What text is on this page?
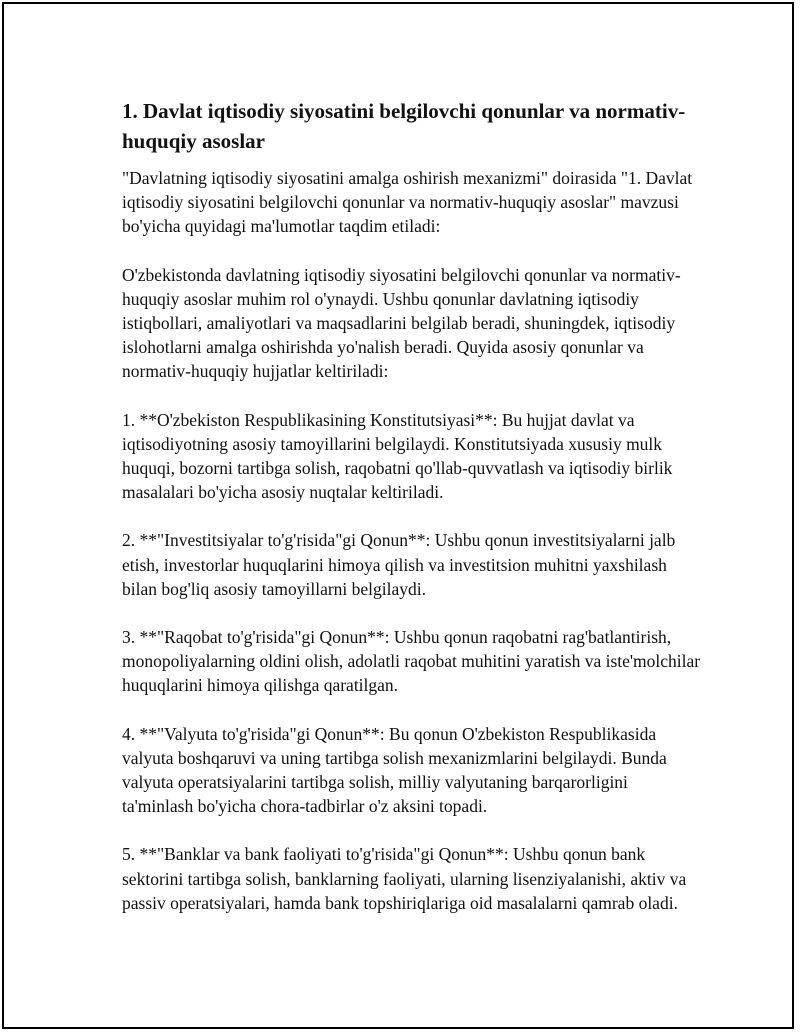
1. Davlat iqtisodiy siyosatini belgilovchi qonunlar va normativ-huquqiy asoslar

"Davlatning iqtisodiy siyosatini amalga oshirish mexanizmi" doirasida "1. Davlat iqtisodiy siyosatini belgilovchi qonunlar va normativ-huquqiy asoslar" mavzusi bo'yicha quyidagi ma'lumotlar taqdim etiladi:

O'zbekistonda davlatning iqtisodiy siyosatini belgilovchi qonunlar va normativ-huquqiy asoslar muhim rol o'ynaydi. Ushbu qonunlar davlatning iqtisodiy istiqbollari, amaliyotlari va maqsadlarini belgilab beradi, shuningdek, iqtisodiy islohotlarni amalga oshirishda yo'nalish beradi. Quyida asosiy qonunlar va normativ-huquqiy hujjatlar keltiriladi:

1. **O'zbekiston Respublikasining Konstitutsiyasi**: Bu hujjat davlat va iqtisodiyotning asosiy tamoyillarini belgilaydi. Konstitutsiyada xususiy mulk huquqi, bozorni tartibga solish, raqobatni qo'llab-quvvatlash va iqtisodiy birlik masalalari bo'yicha asosiy nuqtalar keltiriladi.

2. **"Investitsiyalar to'g'risida"gi Qonun**: Ushbu qonun investitsiyalarni jalb etish, investorlar huquqlarini himoya qilish va investitsion muhitni yaxshilash bilan bog'liq asosiy tamoyillarni belgilaydi.

3. **"Raqobat to'g'risida"gi Qonun**: Ushbu qonun raqobatni rag'batlantirish, monopoliyalarning oldini olish, adolatli raqobat muhitini yaratish va iste'molchilar huquqlarini himoya qilishga qaratilgan.

4. **"Valyuta to'g'risida"gi Qonun**: Bu qonun O'zbekiston Respublikasida valyuta boshqaruvi va uning tartibga solish mexanizmlarini belgilaydi. Bunda valyuta operatsiyalarini tartibga solish, milliy valyutaning barqarorligini ta'minlash bo'yicha chora-tadbirlar o'z aksini topadi.

5. **"Banklar va bank faoliyati to'g'risida"gi Qonun**: Ushbu qonun bank sektorini tartibga solish, banklarning faoliyati, ularning lisenziyalanishi, aktiv va passiv operatsiyalari, hamda bank topshiriqlariga oid masalalarni qamrab oladi.
